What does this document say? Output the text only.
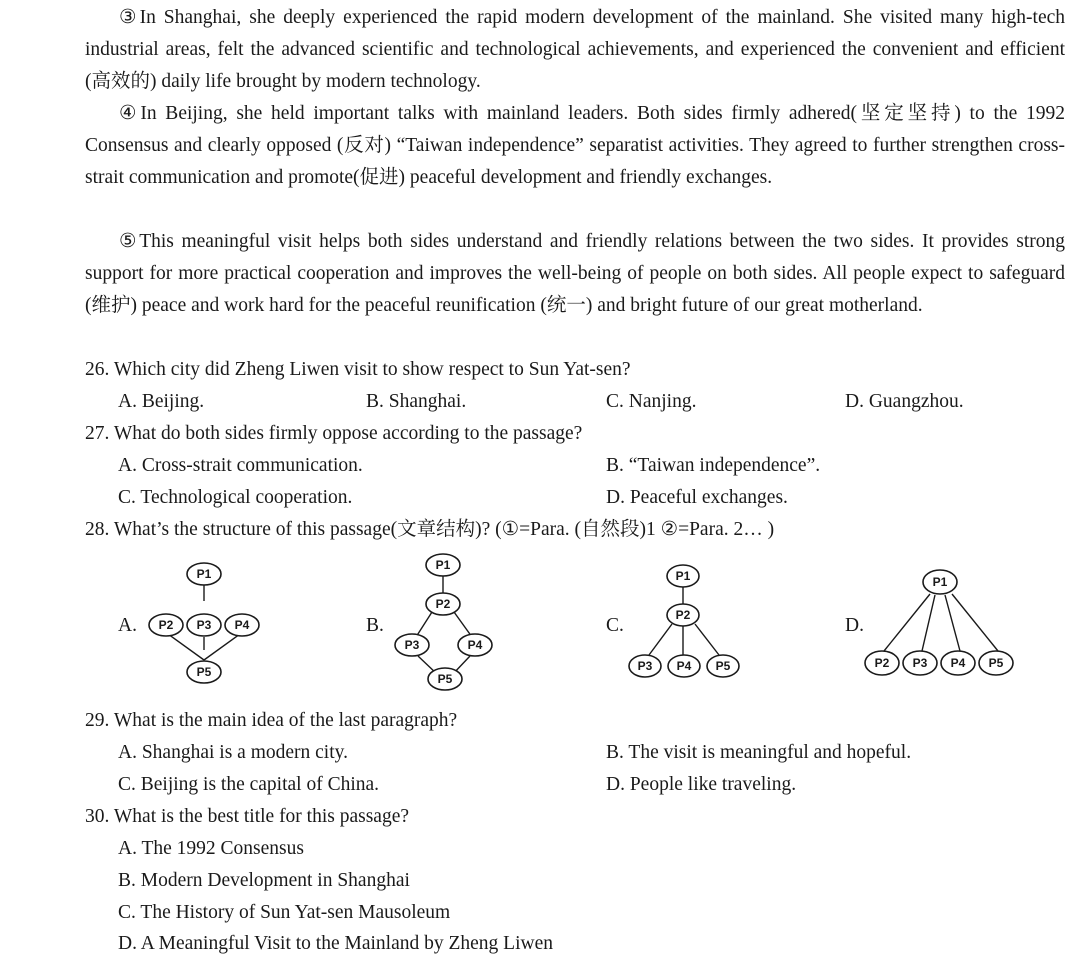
③In Shanghai, she deeply experienced the rapid modern development of the mainland. She visited many high-tech industrial areas, felt the advanced scientific and technological achievements, and experienced the convenient and efficient (高效的) daily life brought by modern technology.

④In Beijing, she held important talks with mainland leaders. Both sides firmly adhered(坚定坚持) to the 1992 Consensus and clearly opposed (反对) “Taiwan independence” separatist activities. They agreed to further strengthen cross-strait communication and promote(促进) peaceful development and friendly exchanges.

⑤This meaningful visit helps both sides understand and friendly relations between the two sides. It provides strong support for more practical cooperation and improves the well-being of people on both sides. All people expect to safeguard (维护) peace and work hard for the peaceful reunification (统一) and bright future of our great motherland.

26. Which city did Zheng Liwen visit to show respect to Sun Yat-sen?

A. Beijing.	B. Shanghai.	C. Nanjing.	D. Guangzhou.

27. What do both sides firmly oppose according to the passage?

A. Cross-strait communication.	B. “Taiwan independence”.

C. Technological cooperation.	D. Peaceful exchanges.

28. What’s the structure of this passage(文章结构)? (①=Para. (自然段)1 ②=Para. 2… )

A.
P1
P2 P3 P4
P5
B.
P1
P2
P3	P4
P5
C.
P1
P2
P3 P4 P5
D.
P1
P2 P3 P4 P5

29. What is the main idea of the last paragraph?

A. Shanghai is a modern city.	B. The visit is meaningful and hopeful.

C. Beijing is the capital of China.	D. People like traveling.

30. What is the best title for this passage?

A. The 1992 Consensus

B. Modern Development in Shanghai

C. The History of Sun Yat-sen Mausoleum

D. A Meaningful Visit to the Mainland by Zheng Liwen
